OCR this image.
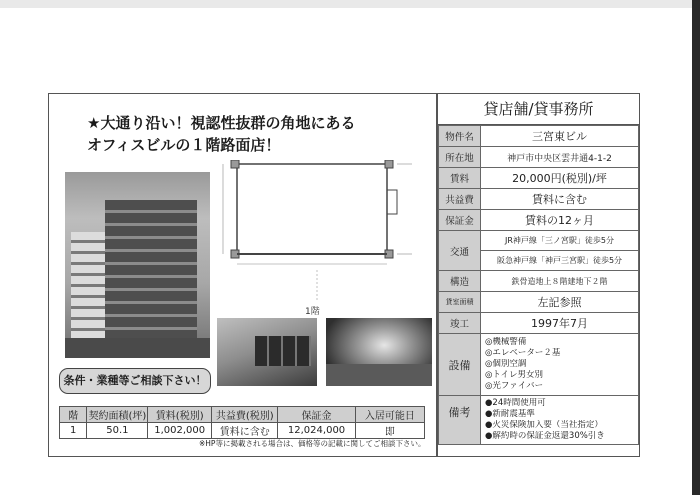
★大通り沿い！視認性抜群の角地にある
オフィスビルの１階路面店！
1階
条件・業種等ご相談下さい！
階	契約面積(坪)	賃料(税別)	共益費(税別)	保証金	入居可能日
1	50.1	1,002,000	賃料に含む	12,024,000	即
※HP等に掲載される場合は、価格等の記載に関してご相談下さい。
貸店舗/貸事務所
物件名	三宮東ビル
所在地	神戸市中央区雲井通4-1-2
賃料	20,000円(税別)/坪
共益費	賃料に含む
保証金	賃料の12ヶ月
交通	JR神戸線「三ノ宮駅」徒歩5分
	阪急神戸線「神戸三宮駅」徒歩5分
構造	鉄骨造地上８階建地下２階
貸室面積	左記参照
竣工	1997年7月
設備	◎機械警備
◎エレベーター２基
◎個別空調
◎トイレ男女別
◎光ファイバー

備考	●24時間使用可
●新耐震基準
●火災保険加入要（当社指定）
●解約時の保証金返還30%引き
